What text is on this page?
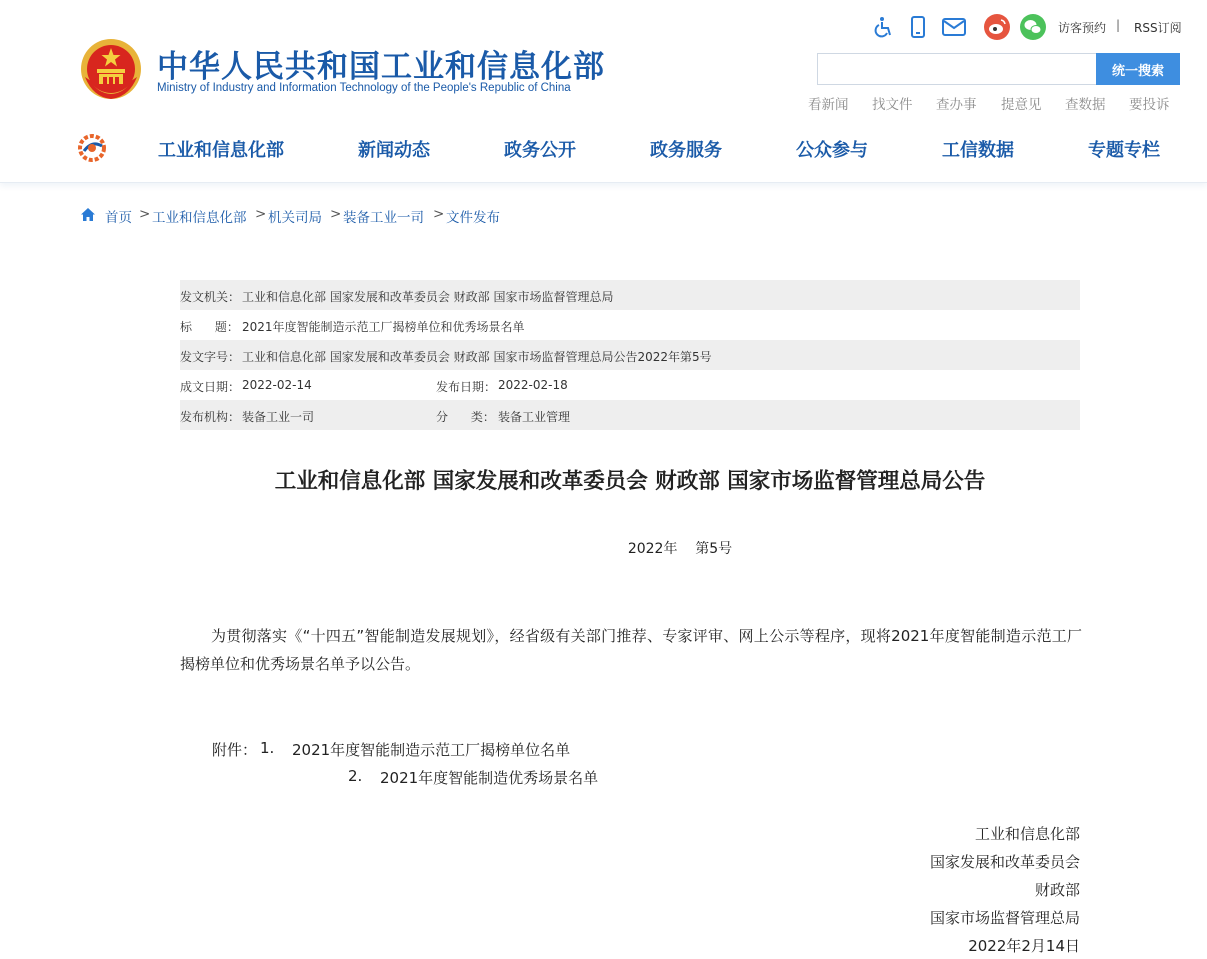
中华人民共和国工业和信息化部
Ministry of Industry and Information Technology of the People's Republic of China
访客预约 | RSS订阅
统一搜索
看新闻 找文件 查办事 提意见 查数据 要投诉
工业和信息化部	新闻动态	政务公开	政务服务	公众参与	工信数据	专题专栏
首页 > 工业和信息化部 > 机关司局 > 装备工业一司 > 文件发布
发文机关： 工业和信息化部 国家发展和改革委员会 财政部 国家市场监督管理总局
标      题： 2021年度智能制造示范工厂揭榜单位和优秀场景名单
发文字号： 工业和信息化部 国家发展和改革委员会 财政部 国家市场监督管理总局公告2022年第5号
成文日期： 2022-02-14	发布日期： 2022-02-18
发布机构： 装备工业一司	分      类： 装备工业管理
工业和信息化部 国家发展和改革委员会 财政部 国家市场监督管理总局公告
2022年    第5号

为贯彻落实《“十四五”智能制造发展规划》，经省级有关部门推荐、专家评审、网上公示等程序，现将2021年度智能制造示范工厂揭榜单位和优秀场景名单予以公告。

附件： 1. 2021年度智能制造示范工厂揭榜单位名单
2. 2021年度智能制造优秀场景名单
工业和信息化部
国家发展和改革委员会
财政部
国家市场监督管理总局
2022年2月14日
